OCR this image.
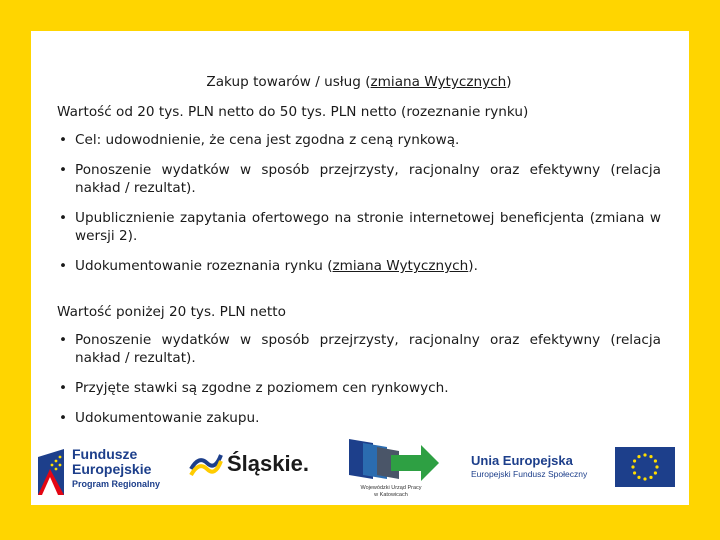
Zakup towarów / usług (zmiana Wytycznych)

Wartość od 20 tys. PLN netto do 50 tys. PLN netto (rozeznanie rynku)

• Cel: udowodnienie, że cena jest zgodna z ceną rynkową.
• Ponoszenie wydatków w sposób przejrzysty, racjonalny oraz efektywny (relacja nakład / rezultat).
• Upublicznienie zapytania ofertowego na stronie internetowej beneficjenta (zmiana w wersji 2).
• Udokumentowanie rozeznania rynku (zmiana Wytycznych).

Wartość poniżej 20 tys. PLN netto

• Ponoszenie wydatków w sposób przejrzysty, racjonalny oraz efektywny (relacja nakład / rezultat).
• Przyjęte stawki są zgodne z poziomem cen rynkowych.
• Udokumentowanie zakupu.
Fundusze
Europejskie
Program Regionalny
Śląskie.
Wojewódzki Urząd Pracy
w Katowicach
Unia Europejska
Europejski Fundusz Społeczny
